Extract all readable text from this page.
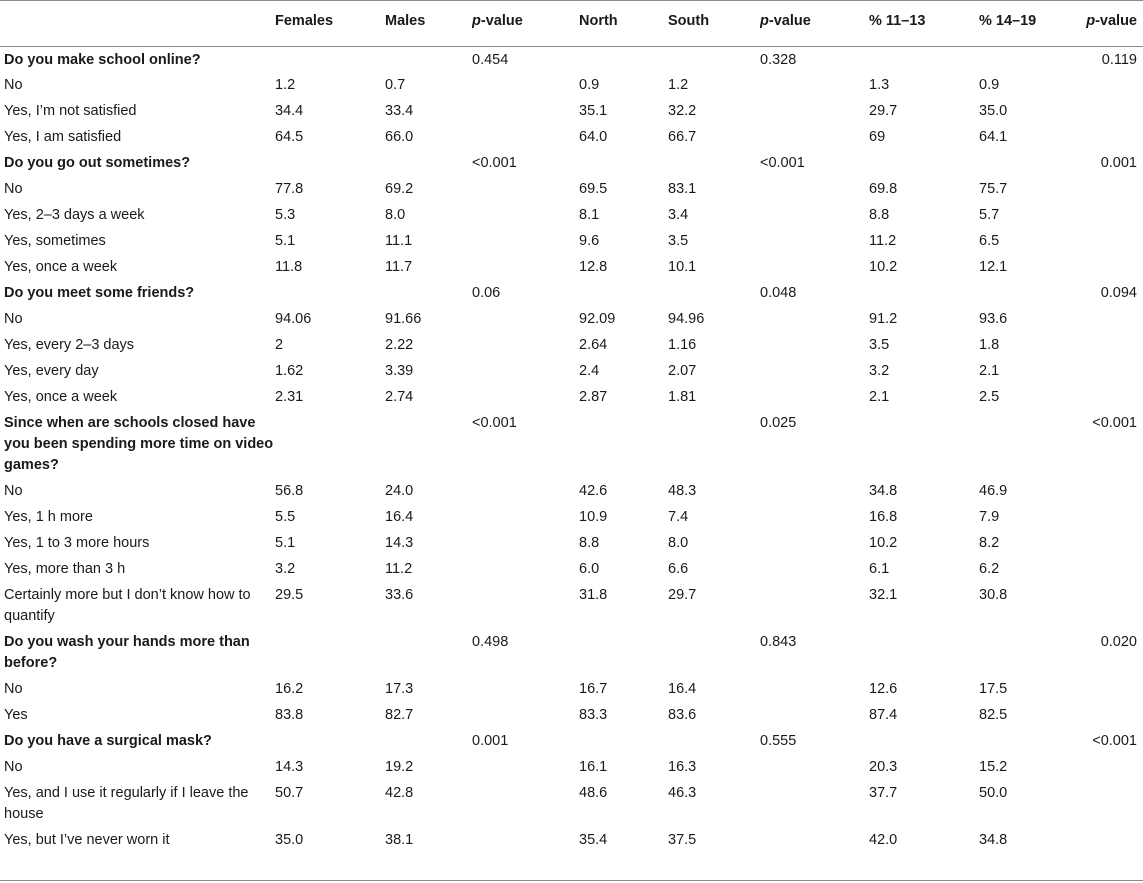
	Females	Males	p-value	North	South	p-value	% 11–13	% 14–19	p-value
Do you make school online?			0.454			0.328			0.119
No	1.2	0.7		0.9	1.2		1.3	0.9	
Yes, I’m not satisfied	34.4	33.4		35.1	32.2		29.7	35.0	
Yes, I am satisfied	64.5	66.0		64.0	66.7		69	64.1	
Do you go out sometimes?			<0.001			<0.001			0.001
No	77.8	69.2		69.5	83.1		69.8	75.7	
Yes, 2–3 days a week	5.3	8.0		8.1	3.4		8.8	5.7	
Yes, sometimes	5.1	11.1		9.6	3.5		11.2	6.5	
Yes, once a week	11.8	11.7		12.8	10.1		10.2	12.1	
Do you meet some friends?			0.06			0.048			0.094
No	94.06	91.66		92.09	94.96		91.2	93.6	
Yes, every 2–3 days	2	2.22		2.64	1.16		3.5	1.8	
Yes, every day	1.62	3.39		2.4	2.07		3.2	2.1	
Yes, once a week	2.31	2.74		2.87	1.81		2.1	2.5	
Since when are schools closed have you been spending more time on video games?			<0.001			0.025			<0.001
No	56.8	24.0		42.6	48.3		34.8	46.9	
Yes, 1 h more	5.5	16.4		10.9	7.4		16.8	7.9	
Yes, 1 to 3 more hours	5.1	14.3		8.8	8.0		10.2	8.2	
Yes, more than 3 h	3.2	11.2		6.0	6.6		6.1	6.2	
Certainly more but I don’t know how to quantify	29.5	33.6		31.8	29.7		32.1	30.8	
Do you wash your hands more than before?			0.498			0.843			0.020
No	16.2	17.3		16.7	16.4		12.6	17.5	
Yes	83.8	82.7		83.3	83.6		87.4	82.5	
Do you have a surgical mask?			0.001			0.555			<0.001
No	14.3	19.2		16.1	16.3		20.3	15.2	
Yes, and I use it regularly if I leave the house	50.7	42.8		48.6	46.3		37.7	50.0	
Yes, but I’ve never worn it	35.0	38.1		35.4	37.5		42.0	34.8	
